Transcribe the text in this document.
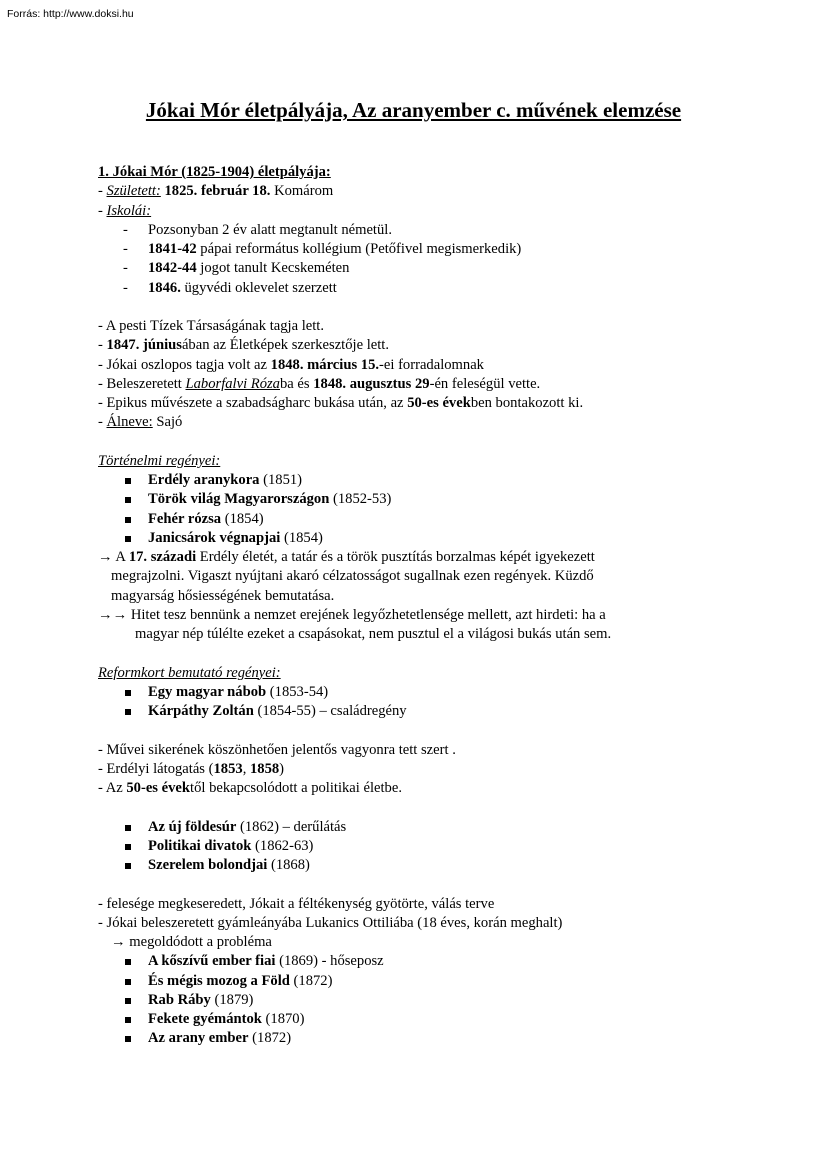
Forrás: http://www.doksi.hu
Jókai Mór életpályája, Az aranyember c. művének elemzése
1. Jókai Mór (1825-1904) életpályája:
- Született: 1825. február 18. Komárom
- Iskolái:
- Pozsonyban 2 év alatt megtanult németül.
- 1841-42 pápai református kollégium (Petőfivel megismerkedik)
- 1842-44 jogot tanult Kecskeméten
- 1846. ügyvédi oklevelet szerzett
- A pesti Tízek Társaságának tagja lett.
- 1847. júniusában az Életképek szerkesztője lett.
- Jókai oszlopos tagja volt az 1848. március 15.-ei forradalomnak
- Beleszeretett Laborfalvi Rózaba és 1848. augusztus 29-én feleségül vette.
- Epikus művészete a szabadságharc bukása után, az 50-es években bontakozott ki.
- Álneve: Sajó
Történelmi regényei:
Erdély aranykora (1851)
Török világ Magyarországon (1852-53)
Fehér rózsa (1854)
Janicsárok végnapjai (1854)
→ A 17. századi Erdély életét, a tatár és a török pusztítás borzalmas képét igyekezett
megrajzolni. Vigaszt nyújtani akaró célzatosságot sugallnak ezen regények. Küzdő
magyarság hősiességének bemutatása.
→→ Hitet tesz bennünk a nemzet erejének legyőzhetetlensége mellett, azt hirdeti: ha a
magyar nép túlélte ezeket a csapásokat, nem pusztul el a világosi bukás után sem.
Reformkort bemutató regényei:
Egy magyar nábob (1853-54)
Kárpáthy Zoltán (1854-55) – családregény
- Művei sikerének köszönhetően jelentős vagyonra tett szert .
- Erdélyi látogatás (1853, 1858)
- Az 50-es évektől bekapcsolódott a politikai életbe.
Az új földesúr (1862) – derűlátás
Politikai divatok (1862-63)
Szerelem bolondjai (1868)
- felesége megkeseredett, Jókait a féltékenység gyötörte, válás terve
- Jókai beleszeretett gyámleányába Lukanics Ottiliába (18 éves, korán meghalt)
→ megoldódott a probléma
A kőszívű ember fiai (1869) - hőseposz
És mégis mozog a Föld (1872)
Rab Ráby (1879)
Fekete gyémántok (1870)
Az arany ember (1872)
